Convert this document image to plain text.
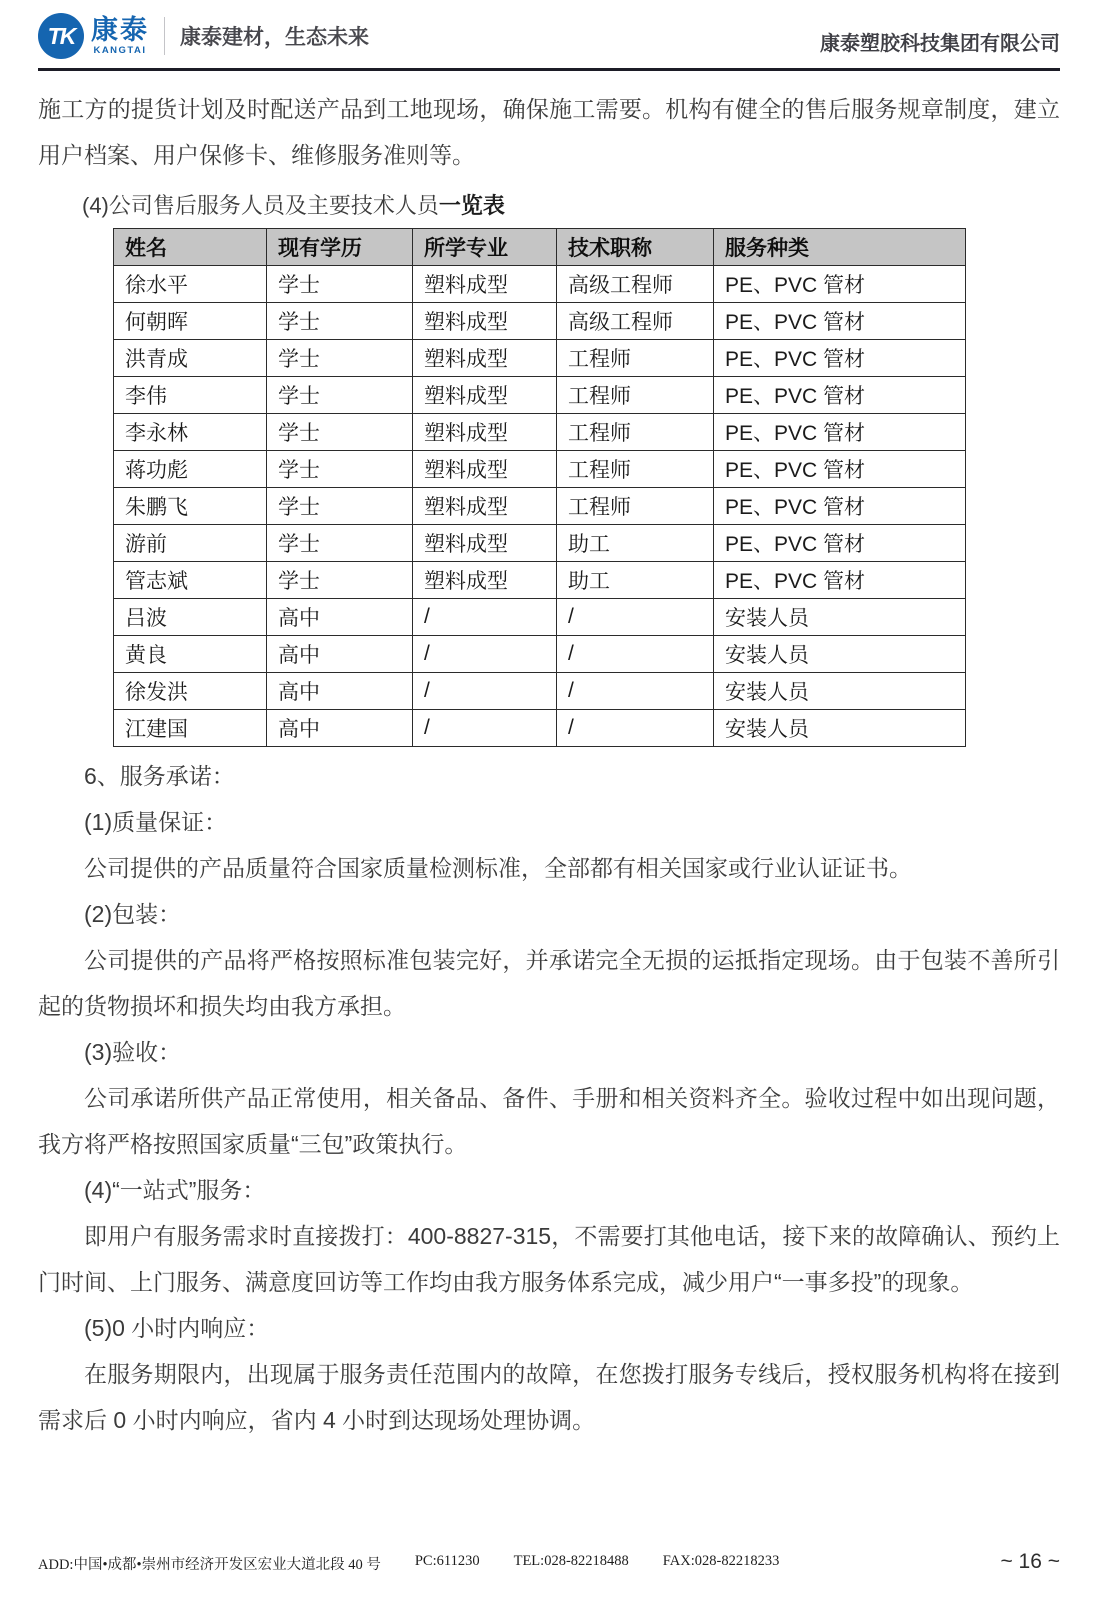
TK 康泰
KANGTAI
康泰建材，生态未来	康泰塑胶科技集团有限公司

施工方的提货计划及时配送产品到工地现场，确保施工需要。机构有健全的售后服务规章制度，建立用户档案、用户保修卡、维修服务准则等。

(4)公司售后服务人员及主要技术人员一览表

姓名	现有学历	所学专业	技术职称	服务种类
徐水平	学士	塑料成型	高级工程师	PE、PVC 管材
何朝晖	学士	塑料成型	高级工程师	PE、PVC 管材
洪青成	学士	塑料成型	工程师	PE、PVC 管材
李伟	学士	塑料成型	工程师	PE、PVC 管材
李永林	学士	塑料成型	工程师	PE、PVC 管材
蒋功彪	学士	塑料成型	工程师	PE、PVC 管材
朱鹏飞	学士	塑料成型	工程师	PE、PVC 管材
游前	学士	塑料成型	助工	PE、PVC 管材
管志斌	学士	塑料成型	助工	PE、PVC 管材
吕波	高中	/	/	安装人员
黄良	高中	/	/	安装人员
徐发洪	高中	/	/	安装人员
江建国	高中	/	/	安装人员

6、服务承诺：

(1)质量保证：

公司提供的产品质量符合国家质量检测标准，全部都有相关国家或行业认证证书。

(2)包装：

公司提供的产品将严格按照标准包装完好，并承诺完全无损的运抵指定现场。由于包装不善所引起的货物损坏和损失均由我方承担。

(3)验收：

公司承诺所供产品正常使用，相关备品、备件、手册和相关资料齐全。验收过程中如出现问题，我方将严格按照国家质量“三包”政策执行。

(4)“一站式”服务：

即用户有服务需求时直接拨打：400-8827-315，不需要打其他电话，接下来的故障确认、预约上门时间、上门服务、满意度回访等工作均由我方服务体系完成，减少用户“一事多投”的现象。

(5)0 小时内响应：

在服务期限内，出现属于服务责任范围内的故障，在您拨打服务专线后，授权服务机构将在接到需求后 0 小时内响应，省内 4 小时到达现场处理协调。

ADD:中国•成都•崇州市经济开发区宏业大道北段 40 号 PC:611230 TEL:028-82218488 FAX:028-82218233	~ 16 ~
